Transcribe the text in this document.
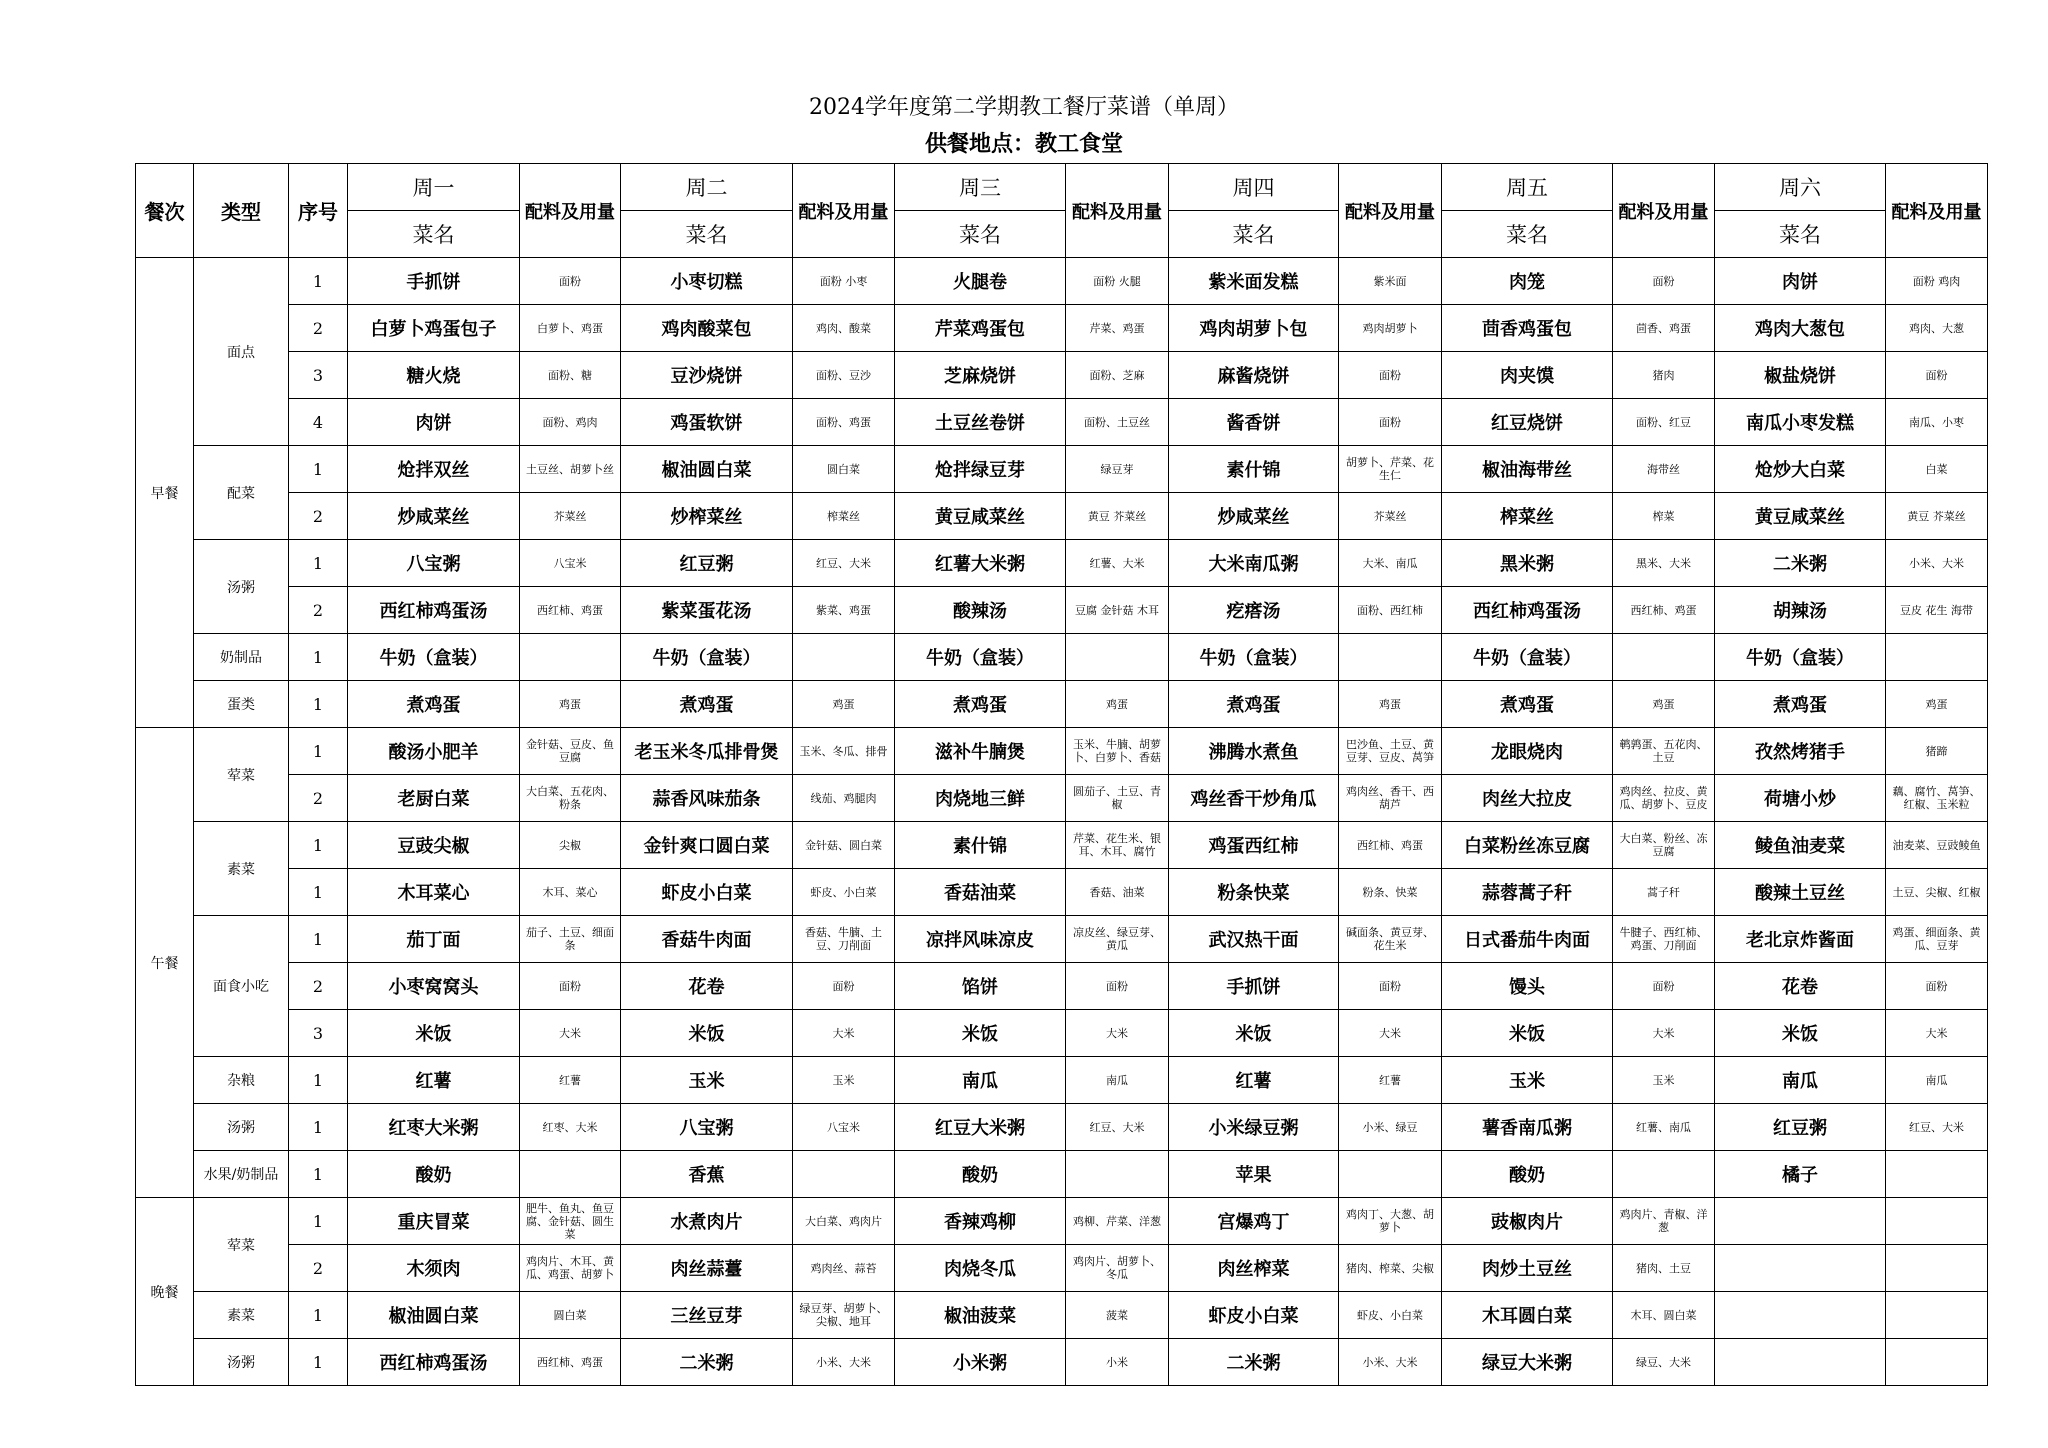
2024学年度第二学期教工餐厅菜谱（单周）
供餐地点：教工食堂
餐次	类型	序号	周一	配料及用量	周二	配料及用量	周三	配料及用量	周四	配料及用量	周五	配料及用量	周六	配料及用量
			菜名		菜名		菜名		菜名		菜名		菜名	
早餐	面点	1	手抓饼	面粉	小枣切糕	面粉 小枣	火腿卷	面粉 火腿	紫米面发糕	紫米面	肉笼	面粉	肉饼	面粉 鸡肉
		2	白萝卜鸡蛋包子	白萝卜、鸡蛋	鸡肉酸菜包	鸡肉、酸菜	芹菜鸡蛋包	芹菜、鸡蛋	鸡肉胡萝卜包	鸡肉胡萝卜	茴香鸡蛋包	茴香、鸡蛋	鸡肉大葱包	鸡肉、大葱
		3	糖火烧	面粉、糖	豆沙烧饼	面粉、豆沙	芝麻烧饼	面粉、芝麻	麻酱烧饼	面粉	肉夹馍	猪肉	椒盐烧饼	面粉
		4	肉饼	面粉、鸡肉	鸡蛋软饼	面粉、鸡蛋	土豆丝卷饼	面粉、土豆丝	酱香饼	面粉	红豆烧饼	面粉、红豆	南瓜小枣发糕	南瓜、小枣
	配菜	1	炝拌双丝	土豆丝、胡萝卜丝	椒油圆白菜	圆白菜	炝拌绿豆芽	绿豆芽	素什锦	胡萝卜、芹菜、花生仁	椒油海带丝	海带丝	炝炒大白菜	白菜
		2	炒咸菜丝	芥菜丝	炒榨菜丝	榨菜丝	黄豆咸菜丝	黄豆 芥菜丝	炒咸菜丝	芥菜丝	榨菜丝	榨菜	黄豆咸菜丝	黄豆 芥菜丝
	汤粥	1	八宝粥	八宝米	红豆粥	红豆、大米	红薯大米粥	红薯、大米	大米南瓜粥	大米、南瓜	黑米粥	黑米、大米	二米粥	小米、大米
		2	西红柿鸡蛋汤	西红柿、鸡蛋	紫菜蛋花汤	紫菜、鸡蛋	酸辣汤	豆腐 金针菇 木耳	疙瘩汤	面粉、西红柿	西红柿鸡蛋汤	西红柿、鸡蛋	胡辣汤	豆皮 花生 海带
	奶制品	1	牛奶（盒装）		牛奶（盒装）		牛奶（盒装）		牛奶（盒装）		牛奶（盒装）		牛奶（盒装）	
	蛋类	1	煮鸡蛋	鸡蛋	煮鸡蛋	鸡蛋	煮鸡蛋	鸡蛋	煮鸡蛋	鸡蛋	煮鸡蛋	鸡蛋	煮鸡蛋	鸡蛋
午餐	荤菜	1	酸汤小肥羊	金针菇、豆皮、鱼豆腐	老玉米冬瓜排骨煲	玉米、冬瓜、排骨	滋补牛腩煲	玉米、牛腩、胡萝卜、白萝卜、香菇	沸腾水煮鱼	巴沙鱼、土豆、黄豆芽、豆皮、莴笋	龙眼烧肉	鹌鹑蛋、五花肉、土豆	孜然烤猪手	猪蹄
		2	老厨白菜	大白菜、五花肉、粉条	蒜香风味茄条	线茄、鸡腿肉	肉烧地三鲜	圆茄子、土豆、青椒	鸡丝香干炒角瓜	鸡肉丝、香干、西葫芦	肉丝大拉皮	鸡肉丝、拉皮、黄瓜、胡萝卜、豆皮	荷塘小炒	藕、腐竹、莴笋、红椒、玉米粒
	素菜	1	豆豉尖椒	尖椒	金针爽口圆白菜	金针菇、圆白菜	素什锦	芹菜、花生米、银耳、木耳、腐竹	鸡蛋西红柿	西红柿、鸡蛋	白菜粉丝冻豆腐	大白菜、粉丝、冻豆腐	鲮鱼油麦菜	油麦菜、豆豉鲮鱼
		1	木耳菜心	木耳、菜心	虾皮小白菜	虾皮、小白菜	香菇油菜	香菇、油菜	粉条快菜	粉条、快菜	蒜蓉蒿子秆	蒿子秆	酸辣土豆丝	土豆、尖椒、红椒
	面食小吃	1	茄丁面	茄子、土豆、细面条	香菇牛肉面	香菇、牛腩、土豆、刀削面	凉拌风味凉皮	凉皮丝、绿豆芽、黄瓜	武汉热干面	碱面条、黄豆芽、花生米	日式番茄牛肉面	牛腱子、西红柿、鸡蛋、刀削面	老北京炸酱面	鸡蛋、细面条、黄瓜、豆芽
		2	小枣窝窝头	面粉	花卷	面粉	馅饼	面粉	手抓饼	面粉	馒头	面粉	花卷	面粉
		3	米饭	大米	米饭	大米	米饭	大米	米饭	大米	米饭	大米	米饭	大米
	杂粮	1	红薯	红薯	玉米	玉米	南瓜	南瓜	红薯	红薯	玉米	玉米	南瓜	南瓜
	汤粥	1	红枣大米粥	红枣、大米	八宝粥	八宝米	红豆大米粥	红豆、大米	小米绿豆粥	小米、绿豆	薯香南瓜粥	红薯、南瓜	红豆粥	红豆、大米
	水果/奶制品	1	酸奶		香蕉		酸奶		苹果		酸奶		橘子	
晚餐	荤菜	1	重庆冒菜	肥牛、鱼丸、鱼豆腐、金针菇、圆生菜	水煮肉片	大白菜、鸡肉片	香辣鸡柳	鸡柳、芹菜、洋葱	宫爆鸡丁	鸡肉丁、大葱、胡萝卜	豉椒肉片	鸡肉片、青椒、洋葱		
		2	木须肉	鸡肉片、木耳、黄瓜、鸡蛋、胡萝卜	肉丝蒜薹	鸡肉丝、蒜苔	肉烧冬瓜	鸡肉片、胡萝卜、冬瓜	肉丝榨菜	猪肉、榨菜、尖椒	肉炒土豆丝	猪肉、土豆		
	素菜	1	椒油圆白菜	圆白菜	三丝豆芽	绿豆芽、胡萝卜、尖椒、地耳	椒油菠菜	菠菜	虾皮小白菜	虾皮、小白菜	木耳圆白菜	木耳、圆白菜		
	汤粥	1	西红柿鸡蛋汤	西红柿、鸡蛋	二米粥	小米、大米	小米粥	小米	二米粥	小米、大米	绿豆大米粥	绿豆、大米		
